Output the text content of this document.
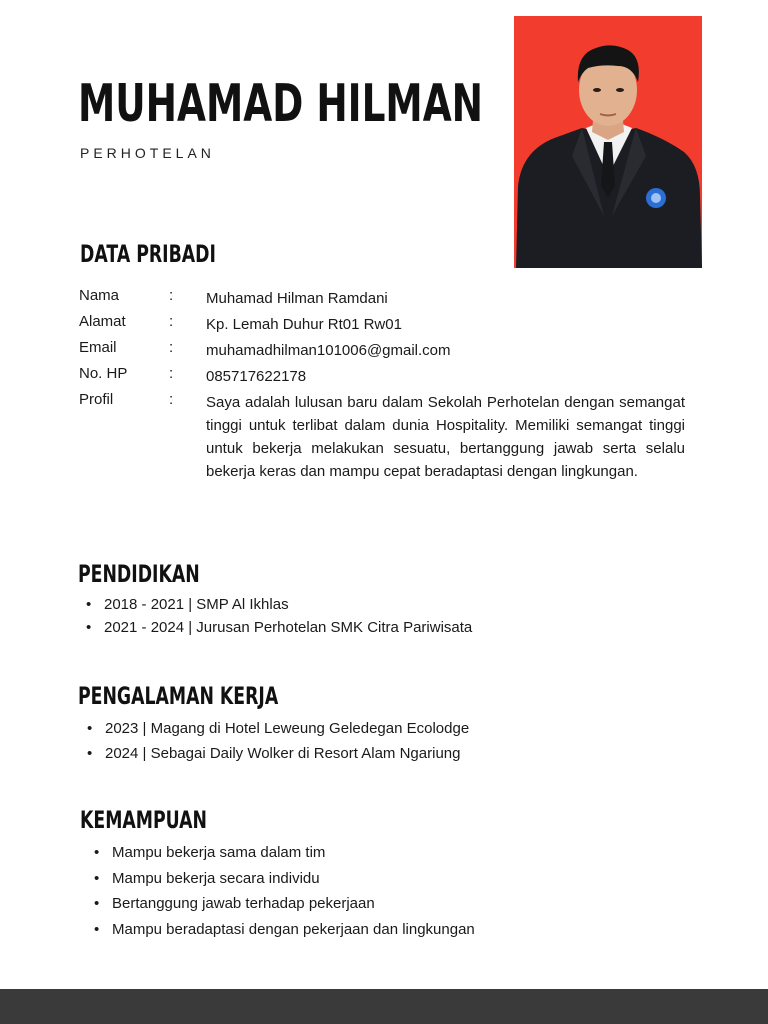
MUHAMAD HILMAN
PERHOTELAN
DATA PRIBADI
Nama	: Muhamad Hilman Ramdani
Alamat	: Kp. Lemah Duhur Rt01 Rw01
Email	: muhamadhilman101006@gmail.com
No. HP	: 085717622178
Profil	: Saya adalah lulusan baru dalam Sekolah Perhotelan dengan semangat tinggi untuk terlibat dalam dunia Hospitality. Memiliki semangat tinggi untuk bekerja melakukan sesuatu, bertanggung jawab serta selalu bekerja keras dan mampu cepat beradaptasi dengan lingkungan.
PENDIDIKAN
• 2018 - 2021 | SMP Al Ikhlas
• 2021 - 2024 | Jurusan Perhotelan SMK Citra Pariwisata
PENGALAMAN KERJA
• 2023 | Magang di Hotel Leweung Geledegan Ecolodge
• 2024 | Sebagai Daily Wolker di Resort Alam Ngariung
KEMAMPUAN
• Mampu bekerja sama dalam tim
• Mampu bekerja secara individu
• Bertanggung jawab terhadap pekerjaan
• Mampu beradaptasi dengan pekerjaan dan lingkungan
